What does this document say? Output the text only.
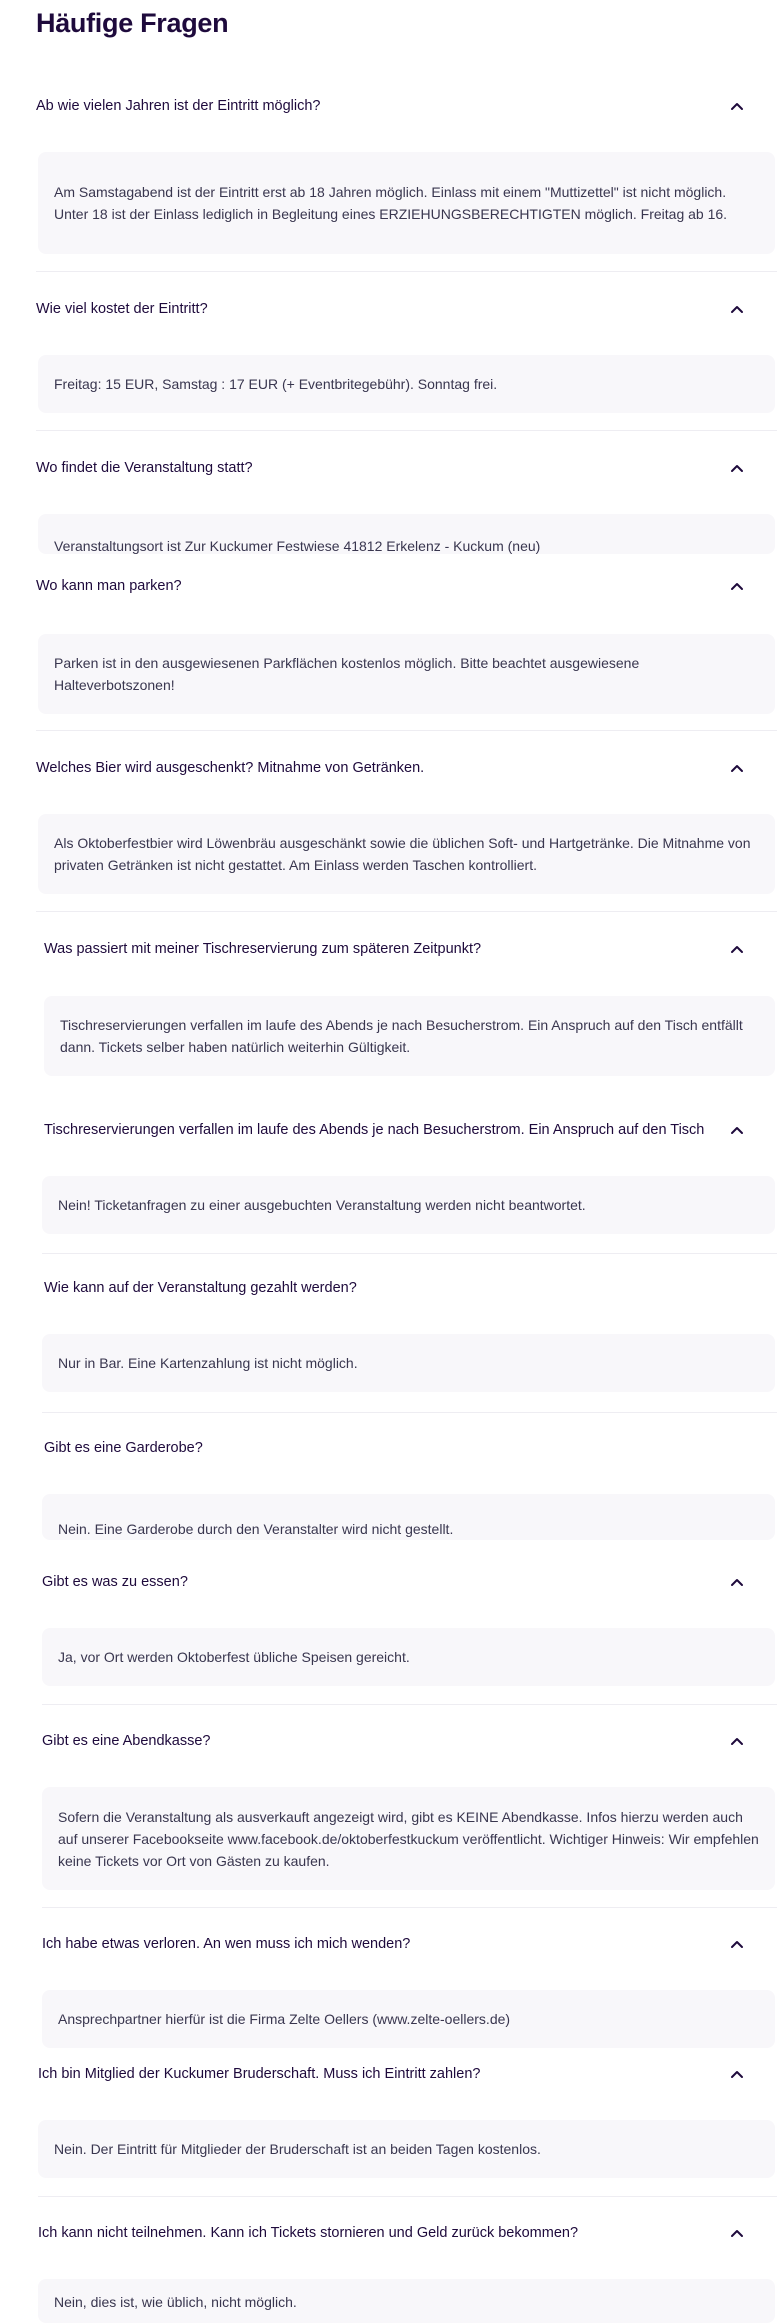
Häufige Fragen
Ab wie vielen Jahren ist der Eintritt möglich?
Am Samstagabend ist der Eintritt erst ab 18 Jahren möglich. Einlass mit einem "Muttizettel" ist nicht möglich. Unter 18 ist der Einlass lediglich in Begleitung eines ERZIEHUNGSBERECHTIGTEN möglich. Freitag ab 16.
Wie viel kostet der Eintritt?
Freitag: 15 EUR, Samstag : 17 EUR (+ Eventbritegebühr). Sonntag frei.
Wo findet die Veranstaltung statt?
Veranstaltungsort ist Zur Kuckumer Festwiese 41812 Erkelenz - Kuckum (neu)
Wo kann man parken?
Parken ist in den ausgewiesenen Parkflächen kostenlos möglich. Bitte beachtet ausgewiesene Halteverbotszonen!
Welches Bier wird ausgeschenkt? Mitnahme von Getränken.
Als Oktoberfestbier wird Löwenbräu ausgeschänkt sowie die üblichen Soft- und Hartgetränke. Die Mitnahme von privaten Getränken ist nicht gestattet. Am Einlass werden Taschen kontrolliert.
Was passiert mit meiner Tischreservierung zum späteren Zeitpunkt?
Tischreservierungen verfallen im laufe des Abends je nach Besucherstrom. Ein Anspruch auf den Tisch entfällt dann. Tickets selber haben natürlich weiterhin Gültigkeit.
Tischreservierungen verfallen im laufe des Abends je nach Besucherstrom. Ein Anspruch auf den Tisch
Nein! Ticketanfragen zu einer ausgebuchten Veranstaltung werden nicht beantwortet.
Wie kann auf der Veranstaltung gezahlt werden?
Nur in Bar. Eine Kartenzahlung ist nicht möglich.
Gibt es eine Garderobe?
Nein. Eine Garderobe durch den Veranstalter wird nicht gestellt.
Gibt es was zu essen?
Ja, vor Ort werden Oktoberfest übliche Speisen gereicht.
Gibt es eine Abendkasse?
Sofern die Veranstaltung als ausverkauft angezeigt wird, gibt es KEINE Abendkasse. Infos hierzu werden auch auf unserer Facebookseite www.facebook.de/oktoberfestkuckum veröffentlicht. Wichtiger Hinweis: Wir empfehlen keine Tickets vor Ort von Gästen zu kaufen.
Ich habe etwas verloren. An wen muss ich mich wenden?
Ansprechpartner hierfür ist die Firma Zelte Oellers (www.zelte-oellers.de)
Ich bin Mitglied der Kuckumer Bruderschaft. Muss ich Eintritt zahlen?
Nein. Der Eintritt für Mitglieder der Bruderschaft ist an beiden Tagen kostenlos.
Ich kann nicht teilnehmen. Kann ich Tickets stornieren und Geld zurück bekommen?
Nein, dies ist, wie üblich, nicht möglich.
